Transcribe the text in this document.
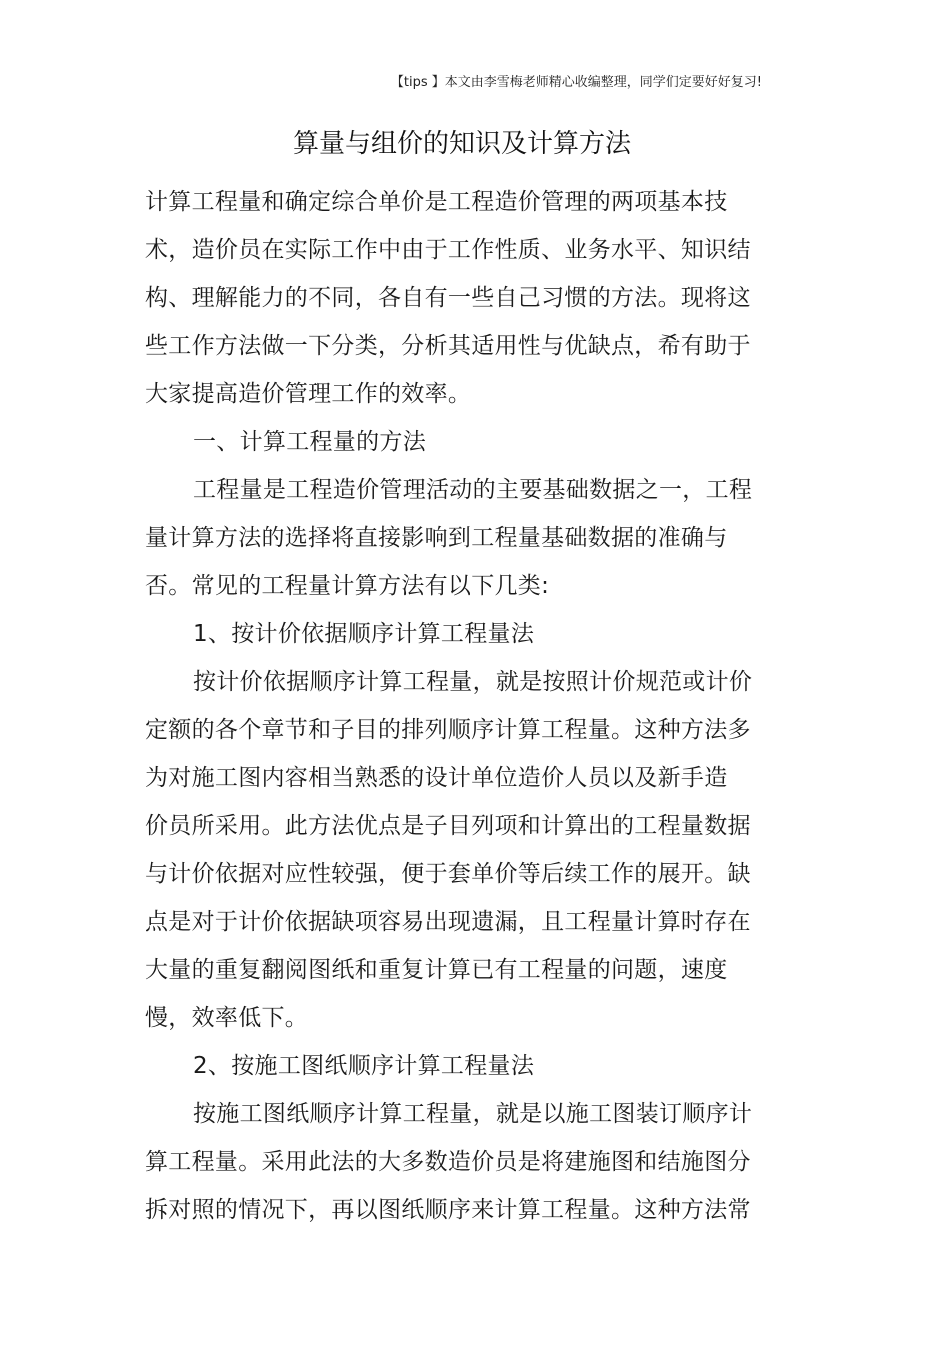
【tips 】本文由李雪梅老师精心收编整理，同学们定要好好复习!
算量与组价的知识及计算方法
计算工程量和确定综合单价是工程造价管理的两项基本技
术，造价员在实际工作中由于工作性质、业务水平、知识结
构、理解能力的不同，各自有一些自己习惯的方法。现将这
些工作方法做一下分类，分析其适用性与优缺点，希有助于
大家提高造价管理工作的效率。
一、计算工程量的方法
工程量是工程造价管理活动的主要基础数据之一，工程
量计算方法的选择将直接影响到工程量基础数据的准确与
否。常见的工程量计算方法有以下几类:
1、按计价依据顺序计算工程量法
按计价依据顺序计算工程量，就是按照计价规范或计价
定额的各个章节和子目的排列顺序计算工程量。这种方法多
为对施工图内容相当熟悉的设计单位造价人员以及新手造
价员所采用。此方法优点是子目列项和计算出的工程量数据
与计价依据对应性较强，便于套单价等后续工作的展开。缺
点是对于计价依据缺项容易出现遗漏，且工程量计算时存在
大量的重复翻阅图纸和重复计算已有工程量的问题，速度
慢，效率低下。
2、按施工图纸顺序计算工程量法
按施工图纸顺序计算工程量，就是以施工图装订顺序计
算工程量。采用此法的大多数造价员是将建施图和结施图分
拆对照的情况下，再以图纸顺序来计算工程量。这种方法常
